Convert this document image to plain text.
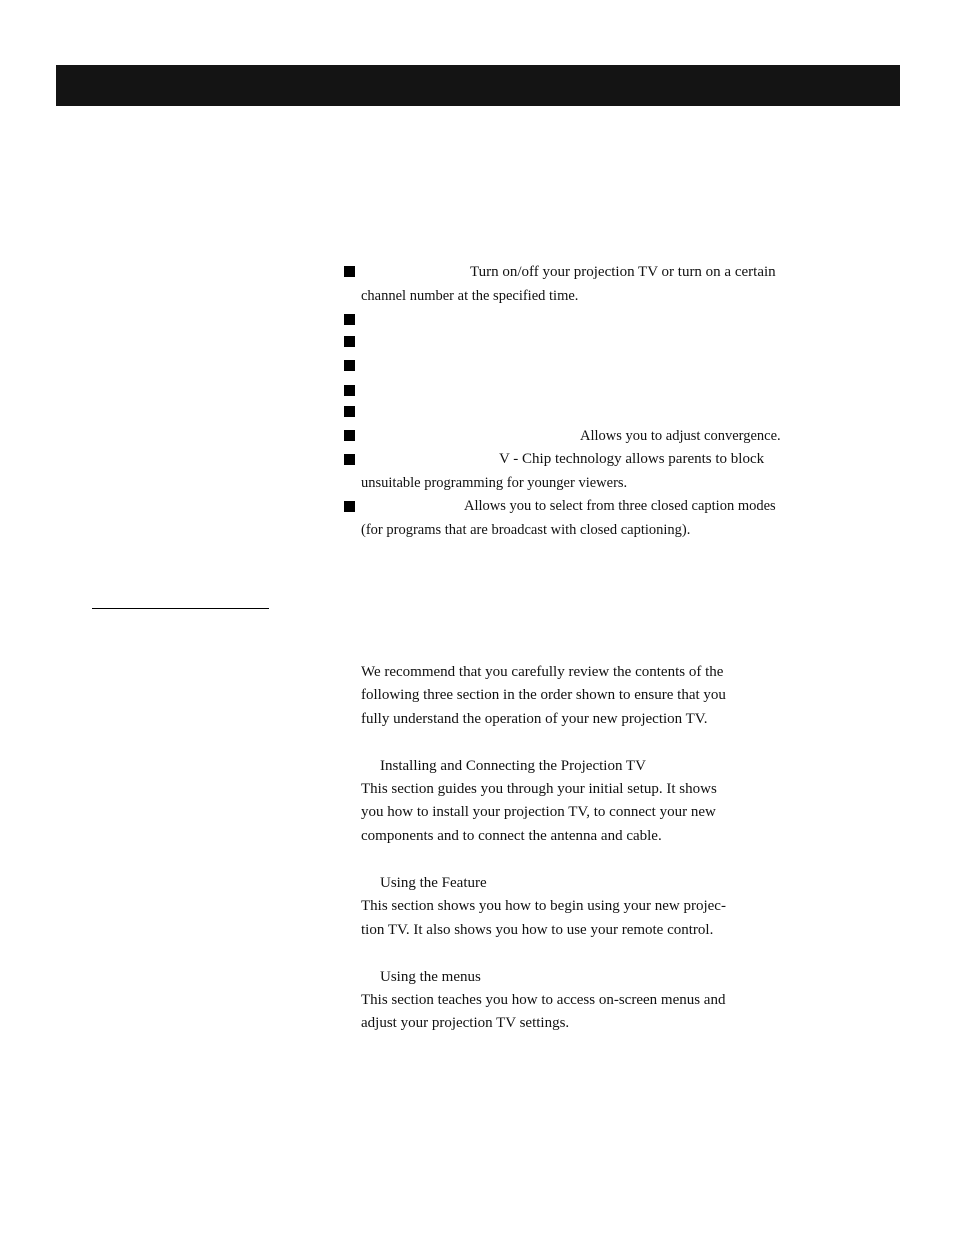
Turn on/off your projection TV or turn on a certain
channel number at the specified time.
Allows you to adjust convergence.
V - Chip technology allows parents to block
unsuitable programming for younger viewers.
Allows you to select from three closed caption modes
(for programs that are broadcast with closed captioning).
We recommend that you carefully review the contents of the
following three section in the order shown to ensure that you
fully understand the operation of your new projection TV.
Installing and Connecting the Projection TV
This section guides you through your initial setup. It shows
you how to install your projection TV, to connect your new
components and to connect the antenna and cable.
Using the Feature
This section shows you how to begin using your new projec-
tion TV. It also shows you how to use your remote control.
Using the menus
This section teaches you how to access on-screen menus and
adjust your projection TV settings.
